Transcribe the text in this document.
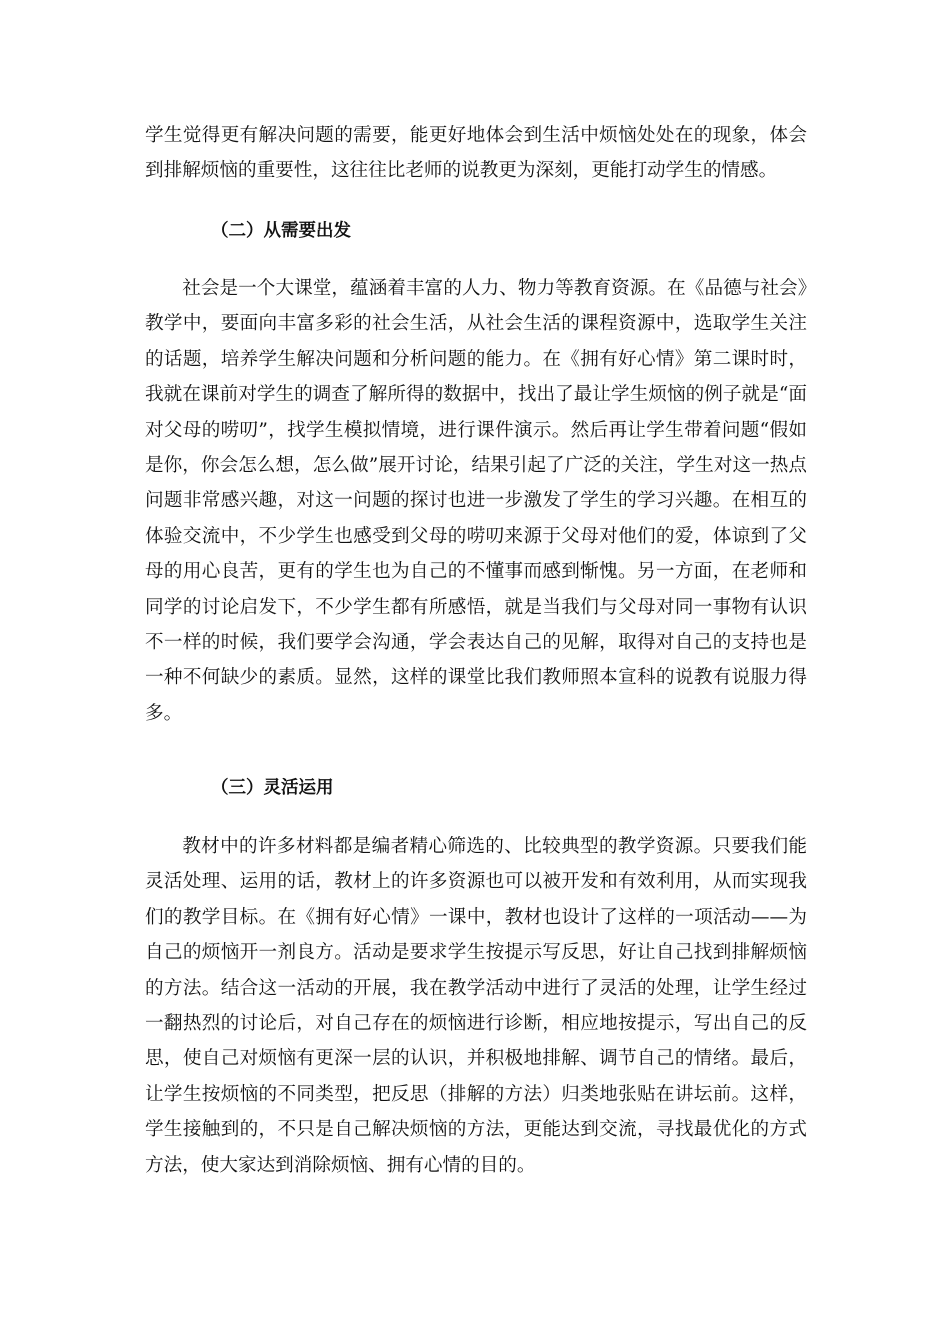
学生觉得更有解决问题的需要，能更好地体会到生活中烦恼处处在的现象，体会到排解烦恼的重要性，这往往比老师的说教更为深刻，更能打动学生的情感。

（二）从需要出发

社会是一个大课堂，蕴涵着丰富的人力、物力等教育资源。在《品德与社会》教学中，要面向丰富多彩的社会生活，从社会生活的课程资源中，选取学生关注的话题，培养学生解决问题和分析问题的能力。在《拥有好心情》第二课时时，我就在课前对学生的调查了解所得的数据中，找出了最让学生烦恼的例子就是“面对父母的唠叨”，找学生模拟情境，进行课件演示。然后再让学生带着问题“假如是你，你会怎么想，怎么做”展开讨论，结果引起了广泛的关注，学生对这一热点问题非常感兴趣，对这一问题的探讨也进一步激发了学生的学习兴趣。在相互的体验交流中，不少学生也感受到父母的唠叨来源于父母对他们的爱，体谅到了父母的用心良苦，更有的学生也为自己的不懂事而感到惭愧。另一方面，在老师和同学的讨论启发下，不少学生都有所感悟，就是当我们与父母对同一事物有认识不一样的时候，我们要学会沟通，学会表达自己的见解，取得对自己的支持也是一种不何缺少的素质。显然，这样的课堂比我们教师照本宣科的说教有说服力得多。

（三）灵活运用

教材中的许多材料都是编者精心筛选的、比较典型的教学资源。只要我们能灵活处理、运用的话，教材上的许多资源也可以被开发和有效利用，从而实现我们的教学目标。在《拥有好心情》一课中，教材也设计了这样的一项活动——为自己的烦恼开一剂良方。活动是要求学生按提示写反思，好让自己找到排解烦恼的方法。结合这一活动的开展，我在教学活动中进行了灵活的处理，让学生经过一翻热烈的讨论后，对自己存在的烦恼进行诊断，相应地按提示，写出自己的反思，使自己对烦恼有更深一层的认识，并积极地排解、调节自己的情绪。最后，让学生按烦恼的不同类型，把反思（排解的方法）归类地张贴在讲坛前。这样，学生接触到的，不只是自己解决烦恼的方法，更能达到交流，寻找最优化的方式方法，使大家达到消除烦恼、拥有心情的目的。
